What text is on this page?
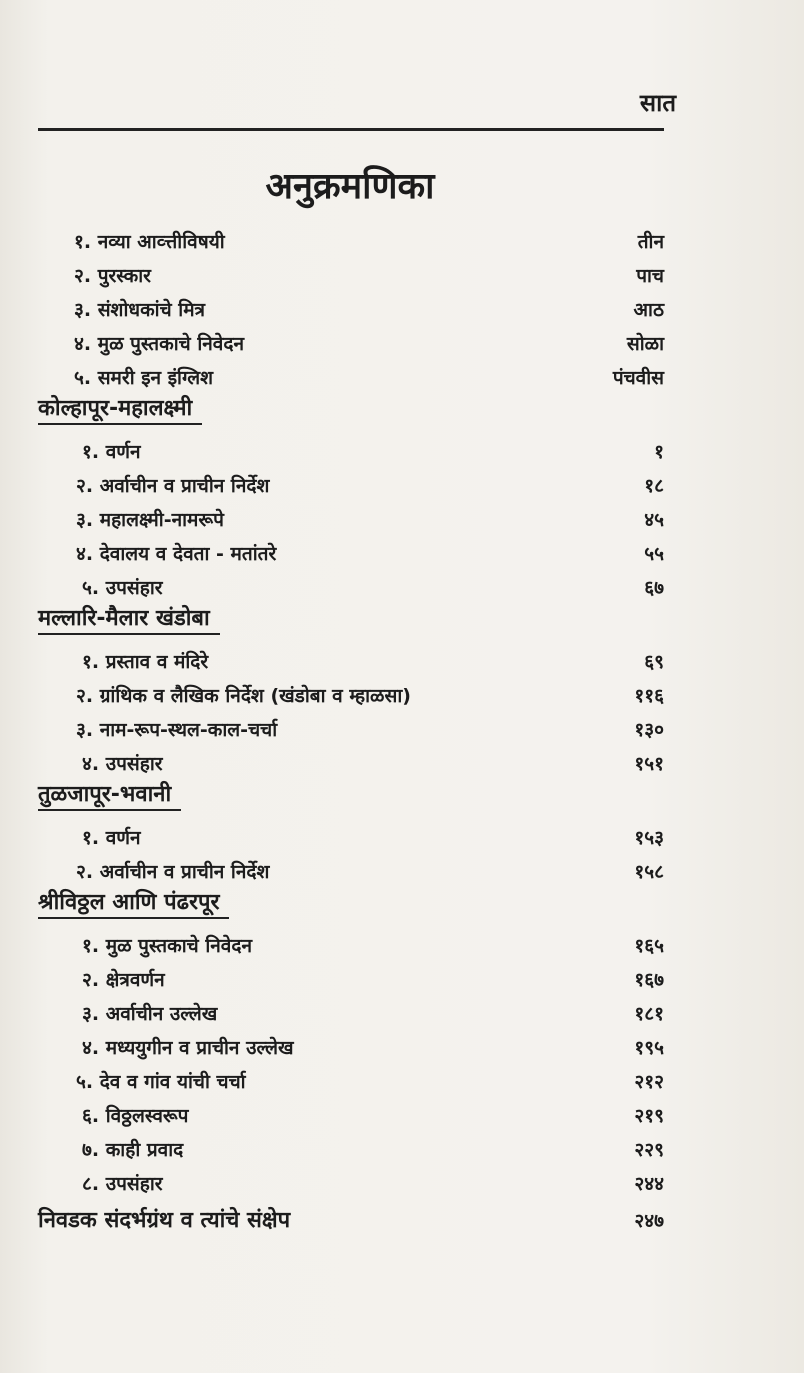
सात
अनुक्रमणिका
१. नव्या आव्त्तीविषयी	तीन
२. पुरस्कार	पाच
३. संशोधकांचे मित्र	आठ
४. मुळ पुस्तकाचे निवेदन	सोळा
५. समरी इन इंग्लिश	पंचवीस
कोल्हापूर-महालक्ष्मी
१. वर्णन	१
२. अर्वाचीन व प्राचीन निर्देश	१८
३. महालक्ष्मी-नामरूपे	४५
४. देवालय व देवता - मतांतरे	५५
५. उपसंहार	६७
मल्लारि-मैलार खंडोबा
१. प्रस्ताव व मंदिरे	६९
२. ग्रांथिक व लैखिक निर्देश (खंडोबा व म्हाळसा)	११६
३. नाम-रूप-स्थल-काल-चर्चा	१३०
४. उपसंहार	१५१
तुळजापूर-भवानी
१. वर्णन	१५३
२. अर्वाचीन व प्राचीन निर्देश	१५८
श्रीविठ्ठल आणि पंढरपूर
१. मुळ पुस्तकाचे निवेदन	१६५
२. क्षेत्रवर्णन	१६७
३. अर्वाचीन उल्लेख	१८१
४. मध्ययुगीन व प्राचीन उल्लेख	१९५
५. देव व गांव यांची चर्चा	२१२
६. विठ्ठलस्वरूप	२१९
७. काही प्रवाद	२२९
८. उपसंहार	२४४
निवडक संदर्भग्रंथ व त्यांचे संक्षेप	२४७
